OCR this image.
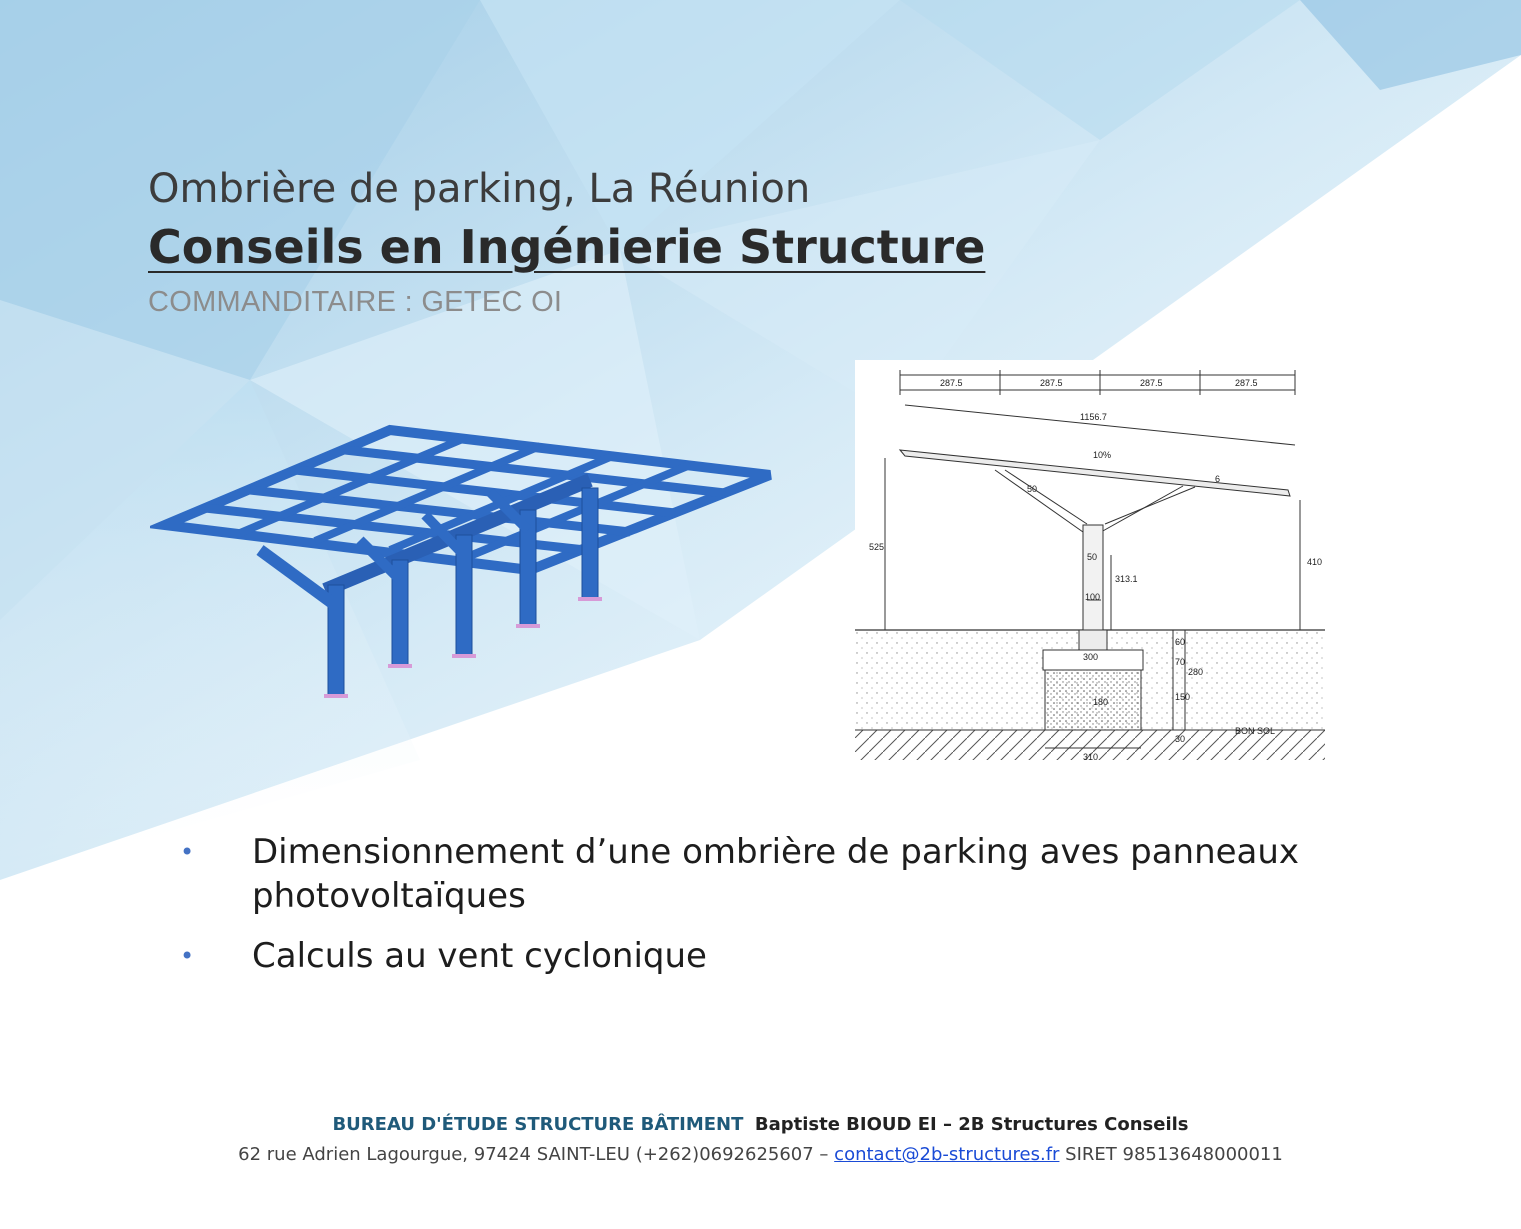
Ombrière de parking, La Réunion
Conseils en Ingénierie Structure
COMMANDITAIRE : GETEC OI
287.5	287.5	287.5	287.5
1156.7
10%
50
6
525
410
313.1
50
100
300
310
60
70
150
280
30
180
BON SOL
• Dimensionnement d’une ombrière de parking aves panneaux photovoltaïques
• Calculs au vent cyclonique
BUREAU D'ÉTUDE STRUCTURE BÂTIMENT Baptiste BIOUD EI – 2B Structures Conseils
62 rue Adrien Lagourgue, 97424 SAINT-LEU (+262)0692625607 – contact@2b-structures.fr SIRET 98513648000011
